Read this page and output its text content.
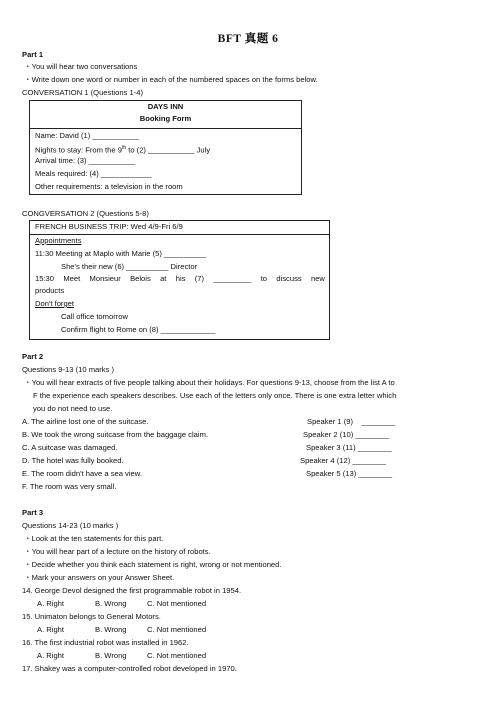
BFT 真题 6
Part 1
・You will hear two conversations
・Write down one word or number in each of the numbered spaces on the forms below.
CONVERSATION 1 (Questions 1-4)
DAYS INN
Booking Form
Name: David (1) ___________
Nights to stay: From the 9th to (2) ___________ July
Arrival time: (3) ___________
Meals required: (4) ____________
Other requirements: a television in the room
CONGVERSATION 2 (Questions 5-8)
FRENCH BUSINESS TRIP: Wed 4/9-Fri 6/9
Appointments
11:30 Meeting at Maplo with Marie (5) __________
She's their new (6) __________ Director
15:30 Meet Monsieur Belois at his (7) _________ to discuss new
products
Don't forget
Call office tomorrow
Confirm flight to Rome on (8) _____________
Part 2
Questions 9-13 (10 marks )
・You will hear extracts of five people talking about their holidays. For questions 9-13, choose from the list A to
F the experience each speakers describes. Use each of the letters only once. There is one extra letter which
you do not need to use.
A. The airline lost one of the suitcase.
B. We took the wrong suitcase from the baggage claim.
C. A suitcase was damaged.
D. The hotel was fully booked.
E. The room didn't have a sea view.
F. The room was very small.
Speaker 1 (9)    ________
Speaker 2 (10) ________
Speaker 3 (11) ________
Speaker 4 (12) ________
Speaker 5 (13) ________
Part 3
Questions 14-23 (10 marks )
・Look at the ten statements for this part.
・You will hear part of a lecture on the history of robots.
・Decide whether you think each statement is right, wrong or not mentioned.
・Mark your answers on your Answer Sheet.
14. George Devol designed the first programmable robot in 1954.
A. Right	B. Wrong	C. Not mentioned
15. Unimaton belongs to General Motors.
A. Right	B. Wrong	C. Not mentioned
16. The first industrial robot was installed in 1962.
A. Right	B. Wrong	C. Not mentioned
17. Shakey was a computer-controlled robot developed in 1970.
